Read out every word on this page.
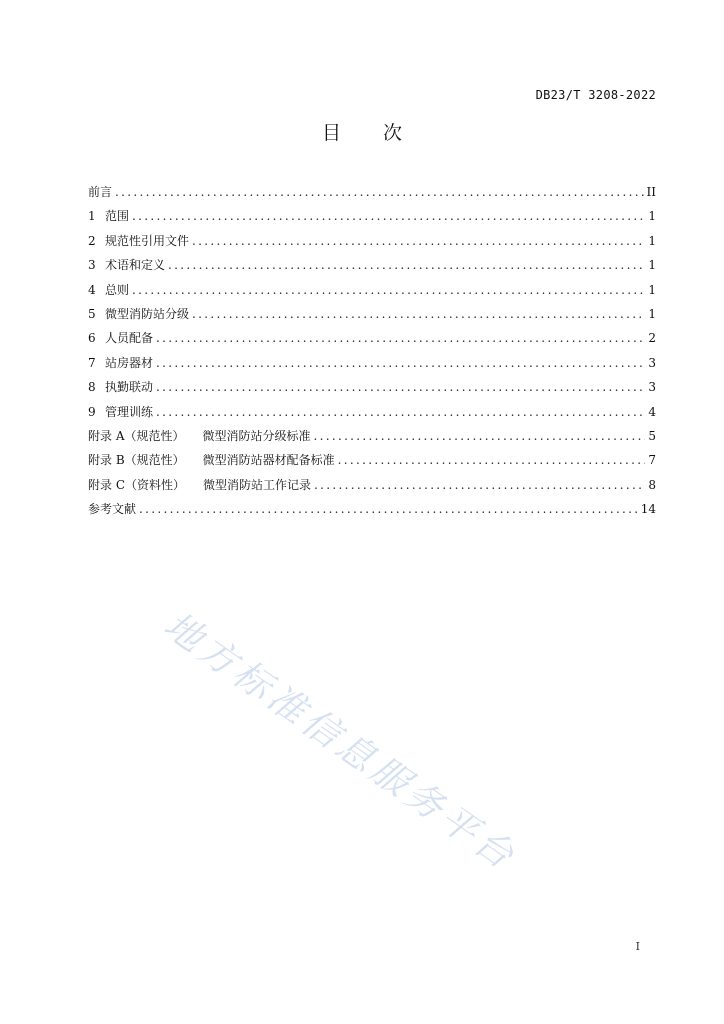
DB23/T 3208-2022
目次
前言 .....	II
1 范围 .....	1
2 规范性引用文件 .....	1
3 术语和定义 .....	1
4 总则 .....	1
5 微型消防站分级 .....	1
6 人员配备 .....	2
7 站房器材 .....	3
8 执勤联动 .....	3
9 管理训练 .....	4
附录 A（规范性） 微型消防站分级标准 .....	5
附录 B（规范性） 微型消防站器材配备标准 .....	7
附录 C（资料性） 微型消防站工作记录 .....	8
参考文献 .....	14
地方标准信息服务平台
I
